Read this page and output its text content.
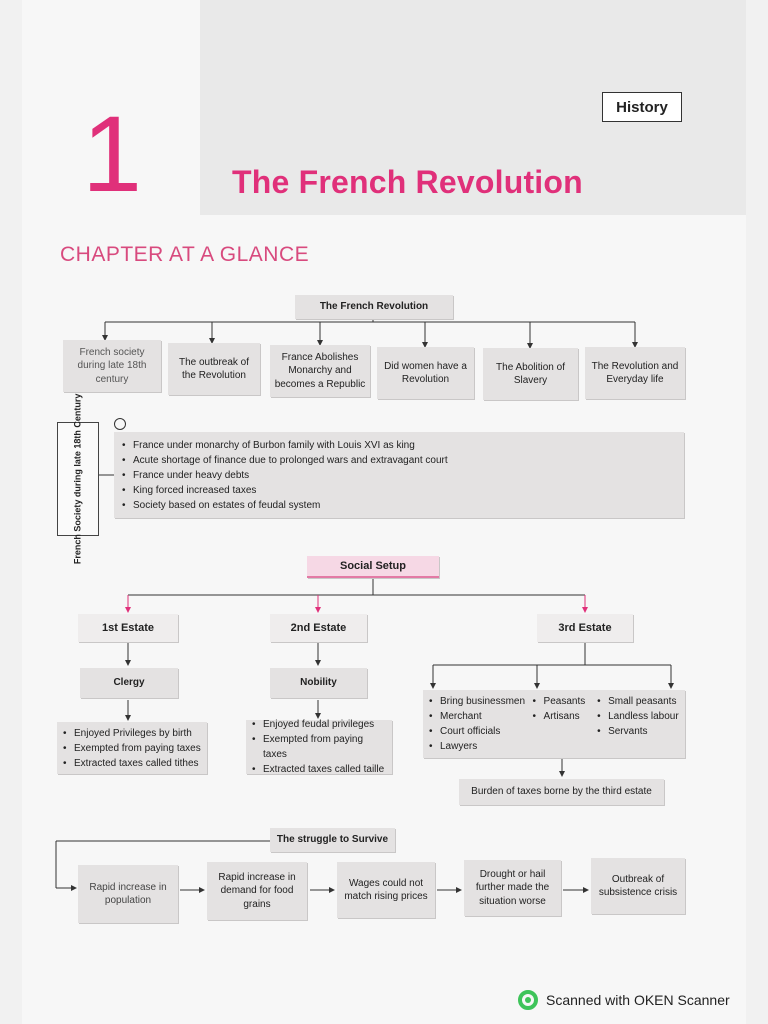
1	History
The French Revolution
CHAPTER AT A GLANCE
The French Revolution
French society during late 18th century
The outbreak of the Revolution
France Abolishes Monarchy and becomes a Republic
Did women have a Revolution
The Abolition of Slavery
The Revolution and Everyday life
French Society during late 18th Century	• France under monarchy of Burbon family with Louis XVI as king
• Acute shortage of finance due to prolonged wars and extravagant court
• France under heavy debts
• King forced increased taxes
• Society based on estates of feudal system
Social Setup
1st Estate	2nd Estate	3rd Estate
Clergy	Nobility
• Enjoyed Privileges by birth
• Exempted from paying taxes
• Extracted taxes called tithes
• Enjoyed feudal privileges
• Exempted from paying taxes
• Extracted taxes called taille
• Bring businessmen
• Merchant
• Court officials
• Lawyers
• Peasants
• Artisans
• Small peasants
• Landless labour
• Servants
Burden of taxes borne by the third estate
The struggle to Survive
Rapid increase in population
Rapid increase in demand for food grains
Wages could not match rising prices
Drought or hail further made the situation worse
Outbreak of subsistence crisis
Scanned with OKEN Scanner
